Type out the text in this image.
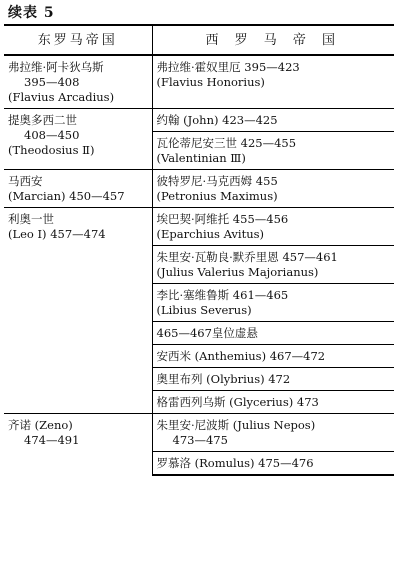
续表 5
东罗马帝国	西 罗 马 帝 国

弗拉维·阿卡狄乌斯
395—408
(Flavius Arcadius)	弗拉维·霍奴里厄 395—423
(Flavius Honorius)

提奥多西二世
408—450
(Theodosius Ⅱ)	约翰 (John) 423—425

	瓦伦蒂尼安三世 425—455
(Valentinian Ⅲ)

马西安
(Marcian) 450—457	彼特罗尼·马克西姆 455
(Petronius Maximus)

利奥一世
(Leo Ⅰ) 457—474	埃巴契·阿维托 455—456
(Eparchius Avitus)

	朱里安·瓦勒良·默乔里恩 457—461
(Julius Valerius Majorianus)

	李比·塞维鲁斯 461—465
(Libius Severus)

	465—467皇位虚悬

	安西米 (Anthemius) 467—472

	奥里布列 (Olybrius) 472

	格雷西列乌斯 (Glycerius) 473

齐诺 (Zeno)
474—491	朱里安·尼波斯 (Julius Nepos)
473—475

	罗慕洛 (Romulus) 475—476
